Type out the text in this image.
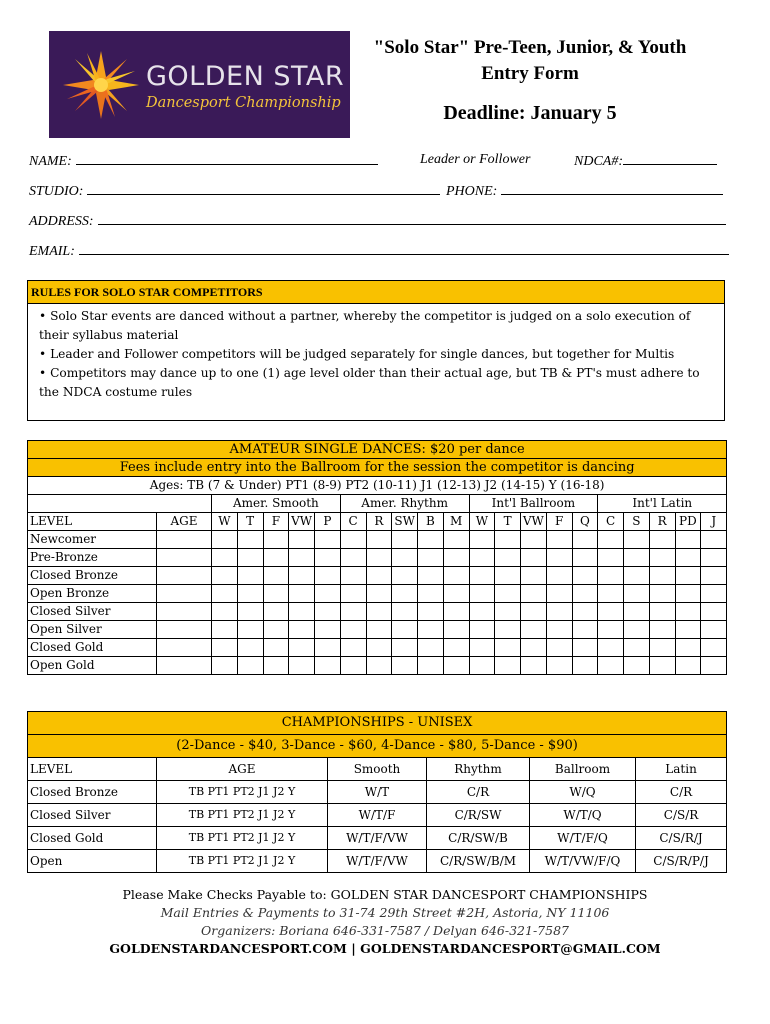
GOLDEN STAR
Dancesport Championship
"Solo Star" Pre-Teen, Junior, & Youth Entry Form
Deadline: January 5
NAME:	Leader or Follower	NDCA#:
STUDIO:	PHONE:
ADDRESS:
EMAIL:
RULES FOR SOLO STAR COMPETITORS
• Solo Star events are danced without a partner, whereby the competitor is judged on a solo execution of their syllabus material
• Leader and Follower competitors will be judged separately for single dances, but together for Multis
• Competitors may dance up to one (1) age level older than their actual age, but TB & PT's must adhere to the NDCA costume rules
AMATEUR SINGLE DANCES: $20 per dance																					
Fees include entry into the Ballroom for the session the competitor is dancing																					
Ages: TB (7 & Under) PT1 (8-9) PT2 (10-11) J1 (12-13) J2 (14-15) Y (16-18)																					
		Amer. Smooth					Amer. Rhythm					Int'l Ballroom					Int'l Latin				
LEVEL	AGE	W	T	F	VW	P	C	R	SW	B	M	W	T	VW	F	Q	C	S	R	PD	J
Newcomer																					
Pre-Bronze																					
Closed Bronze																					
Open Bronze																					
Closed Silver																					
Open Silver																					
Closed Gold																					
Open Gold																					
CHAMPIONSHIPS - UNISEX					
(2-Dance - $40, 3-Dance - $60, 4-Dance - $80, 5-Dance - $90)					
LEVEL	AGE	Smooth	Rhythm	Ballroom	Latin
Closed Bronze	TB PT1 PT2 J1 J2 Y	W/T	C/R	W/Q	C/R
Closed Silver	TB PT1 PT2 J1 J2 Y	W/T/F	C/R/SW	W/T/Q	C/S/R
Closed Gold	TB PT1 PT2 J1 J2 Y	W/T/F/VW	C/R/SW/B	W/T/F/Q	C/S/R/J
Open	TB PT1 PT2 J1 J2 Y	W/T/F/VW	C/R/SW/B/M	W/T/VW/F/Q	C/S/R/P/J
Please Make Checks Payable to: GOLDEN STAR DANCESPORT CHAMPIONSHIPS
Mail Entries & Payments to 31-74 29th Street #2H, Astoria, NY 11106
Organizers: Boriana 646-331-7587 / Delyan 646-321-7587
GOLDENSTARDANCESPORT.COM | GOLDENSTARDANCESPORT@GMAIL.COM
